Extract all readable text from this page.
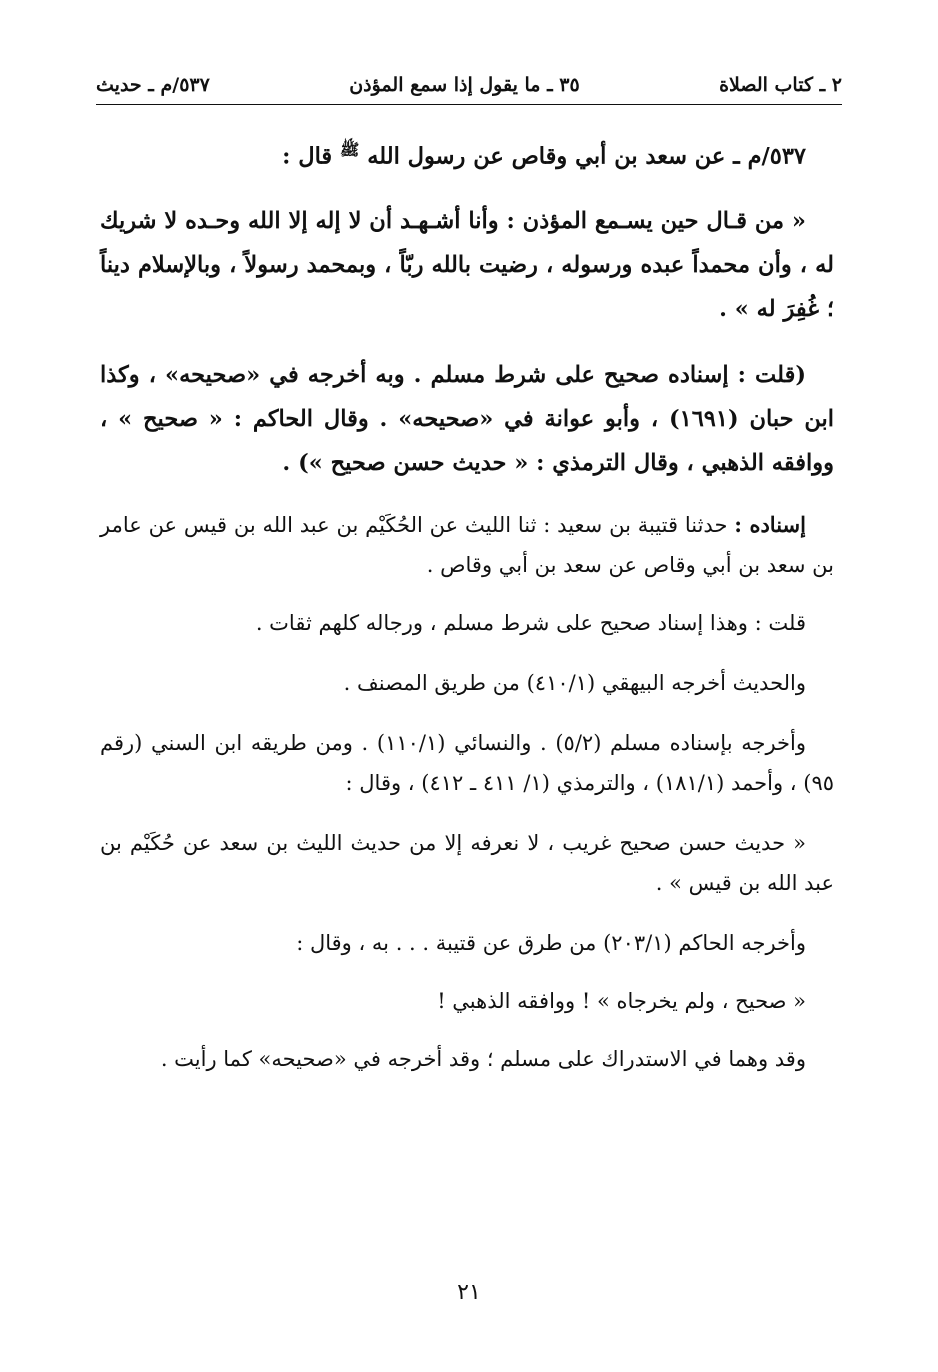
٢ ـ كتاب الصلاة
٣٥ ـ ما يقول إذا سمع المؤذن
٥٣٧/م ـ حديث

٥٣٧/م ـ عن سعد بن أبي وقاص عن رسول الله $^ﷺ$ قال :

« من قـال حين يسـمع المؤذن : وأنا أشـهـد أن لا إله إلا الله وحـده لا شريك له ، وأن محمداً عبده ورسوله ، رضيت بالله ربّاً ، وبمحمد رسولاً ، وبالإسلام ديناً ؛ غُفِرَ له » .

(قلت : إسناده صحيح على شرط مسلم . وبه أخرجه في «صحيحه» ، وكذا ابن حبان (١٦٩١) ، وأبو عوانة في «صحيحه» . وقال الحاكم : « صحيح » ، ووافقه الذهبي ، وقال الترمذي : « حديث حسن صحيح ») .

إسناده : حدثنا قتيبة بن سعيد : ثنا الليث عن الحُكَيْم بن عبد الله بن قيس عن عامر بن سعد بن أبي وقاص عن سعد بن أبي وقاص .

قلت : وهذا إسناد صحيح على شرط مسلم ، ورجاله كلهم ثقات .

والحديث أخرجه البيهقي (٤١٠/١) من طريق المصنف .

وأخرجه بإسناده مسلم (٥/٢) . والنسائي (١١٠/١) . ومن طريقه ابن السني (رقم ٩٥) ، وأحمد (١٨١/١) ، والترمذي (١/ ٤١١ ـ ٤١٢) ، وقال :

« حديث حسن صحيح غريب ، لا نعرفه إلا من حديث الليث بن سعد عن حُكَيْم بن عبد الله بن قيس » .

وأخرجه الحاكم (٢٠٣/١) من طرق عن قتيبة . . . به ، وقال :

« صحيح ، ولم يخرجاه » ! ووافقه الذهبي !

وقد وهما في الاستدراك على مسلم ؛ وقد أخرجه في «صحيحه» كما رأيت .

٢١
